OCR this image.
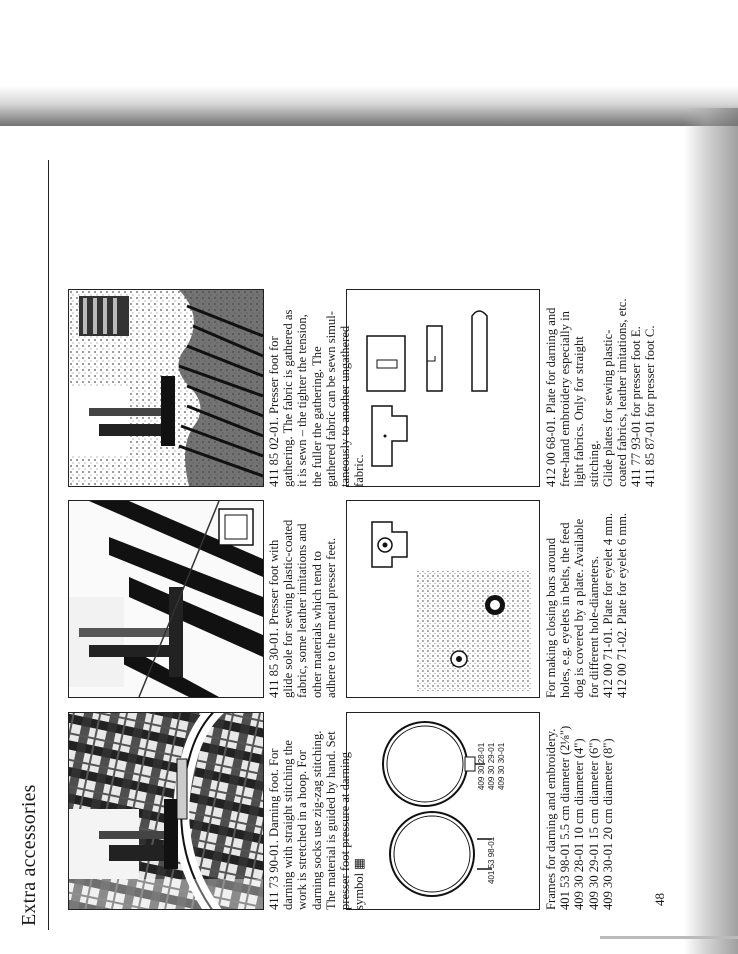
Extra accessories	401 53 98-01
409 30 28-01 409 30 29-01 409 30 30-01
411 73 90-01. Darning foot. For darning with straight stitching the work is stretched in a hoop. For darning socks use zig-zag stitching. The material is guided by hand. Set presser foot pressure at darning symbol ▦
411 85 30-01. Presser foot with glide sole for sewing plastic-coated fabric, some leather imitations and other materials which tend to adhere to the metal presser feet.
411 85 02-01. Presser foot for gathering. The fabric is gathered as it is sewn – the tighter the tension, the fuller the gathering. The gathered fabric can be sewn simul- taneously to another ungathered fabric.
Frames for darning and embroidery. 401 53 98-01 5.5 cm diameter (2⅛") 409 30 28-01 10 cm diameter (4") 409 30 29-01 15 cm diameter (6") 409 30 30-01 20 cm diameter (8")
For making closing bars around holes, e.g. eyelets in belts, the feed dog is covered by a plate. Available for different hole-diameters. 412 00 71-01. Plate for eyelet 4 mm. 412 00 71-02. Plate for eyelet 6 mm.
412 00 68-01. Plate for darning and free-hand embroidery especially in light fabrics. Only for straight stitching. Glide plates for sewing plastic- coated fabrics, leather imitations, etc. 411 77 93-01 for presser foot E. 411 85 87-01 for presser foot C.
48
